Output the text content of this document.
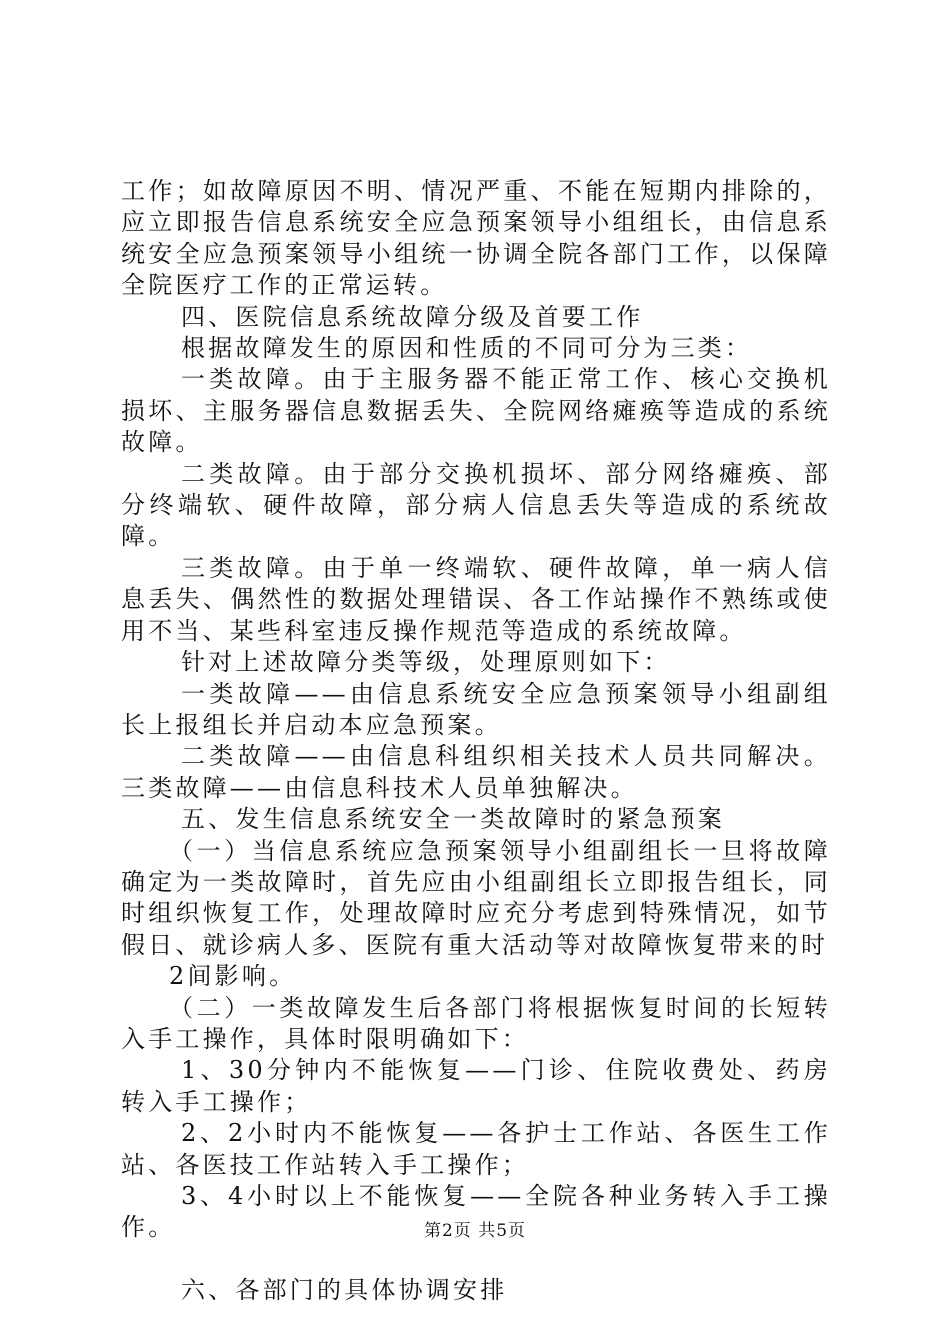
工作；如故障原因不明、情况严重、不能在短期内排除的，应立即报告信息系统安全应急预案领导小组组长，由信息系统安全应急预案领导小组统一协调全院各部门工作，以保障全院医疗工作的正常运转。

四、医院信息系统故障分级及首要工作

根据故障发生的原因和性质的不同可分为三类：

一类故障。由于主服务器不能正常工作、核心交换机损坏、主服务器信息数据丢失、全院网络瘫痪等造成的系统故障。

二类故障。由于部分交换机损坏、部分网络瘫痪、部分终端软、硬件故障，部分病人信息丢失等造成的系统故障。

三类故障。由于单一终端软、硬件故障，单一病人信息丢失、偶然性的数据处理错误、各工作站操作不熟练或使用不当、某些科室违反操作规范等造成的系统故障。

针对上述故障分类等级，处理原则如下：

一类故障——由信息系统安全应急预案领导小组副组长上报组长并启动本应急预案。

二类故障——由信息科组织相关技术人员共同解决。三类故障——由信息科技术人员单独解决。

五、发生信息系统安全一类故障时的紧急预案

（一）当信息系统应急预案领导小组副组长一旦将故障确定为一类故障时，首先应由小组副组长立即报告组长，同时组织恢复工作，处理故障时应充分考虑到特殊情况，如节假日、就诊病人多、医院有重大活动等对故障恢复带来的时

2间影响。

（二）一类故障发生后各部门将根据恢复时间的长短转入手工操作，具体时限明确如下：

1、30分钟内不能恢复——门诊、住院收费处、药房转入手工操作；

2、2小时内不能恢复——各护士工作站、各医生工作站、各医技工作站转入手工操作；

3、4小时以上不能恢复——全院各种业务转入手工操作。

六、各部门的具体协调安排

第2页 共5页
